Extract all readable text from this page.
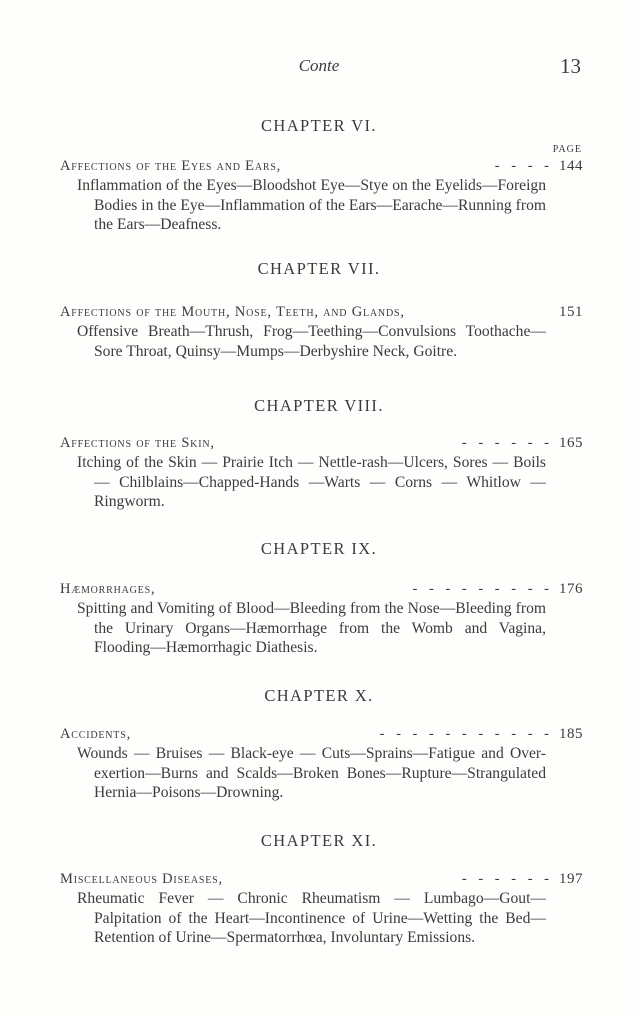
Conte	13
CHAPTER VI.
PAGE
- - - -
Affections of the Eyes and Ears,	144
Inflammation of the Eyes—Bloodshot Eye—Stye on the Eyelids—Foreign Bodies in the Eye—Inflammation of the Ears—Earache—Running from the Ears—Deafness.
CHAPTER VII.
Affections of the Mouth, Nose, Teeth, and Glands,	151
Offensive Breath—Thrush, Frog—Teething—Convulsions Toothache—Sore Throat, Quinsy—Mumps—Derbyshire Neck, Goitre.
CHAPTER VIII.
- - - - - -
Affections of the Skin,	165
Itching of the Skin — Prairie Itch — Nettle-rash—Ulcers, Sores — Boils — Chilblains—Chapped-Hands —Warts — Corns — Whitlow —Ringworm.
CHAPTER IX.
- - - - - - - - -
Hæmorrhages,	176
Spitting and Vomiting of Blood—Bleeding from the Nose—Bleeding from the Urinary Organs—Hæmorrhage from the Womb and Vagina, Flooding—Hæmorrhagic Diathesis.
CHAPTER X.
- - - - - - - - - - -
Accidents,	185
Wounds — Bruises — Black-eye — Cuts—Sprains—Fatigue and Over-exertion—Burns and Scalds—Broken Bones—Rupture—Strangulated Hernia—Poisons—Drowning.
CHAPTER XI.
- - - - - -
Miscellaneous Diseases,	197
Rheumatic Fever — Chronic Rheumatism — Lumbago—Gout—Palpitation of the Heart—Incontinence of Urine—Wetting the Bed—Retention of Urine—Spermatorrhœa, Involuntary Emissions.
